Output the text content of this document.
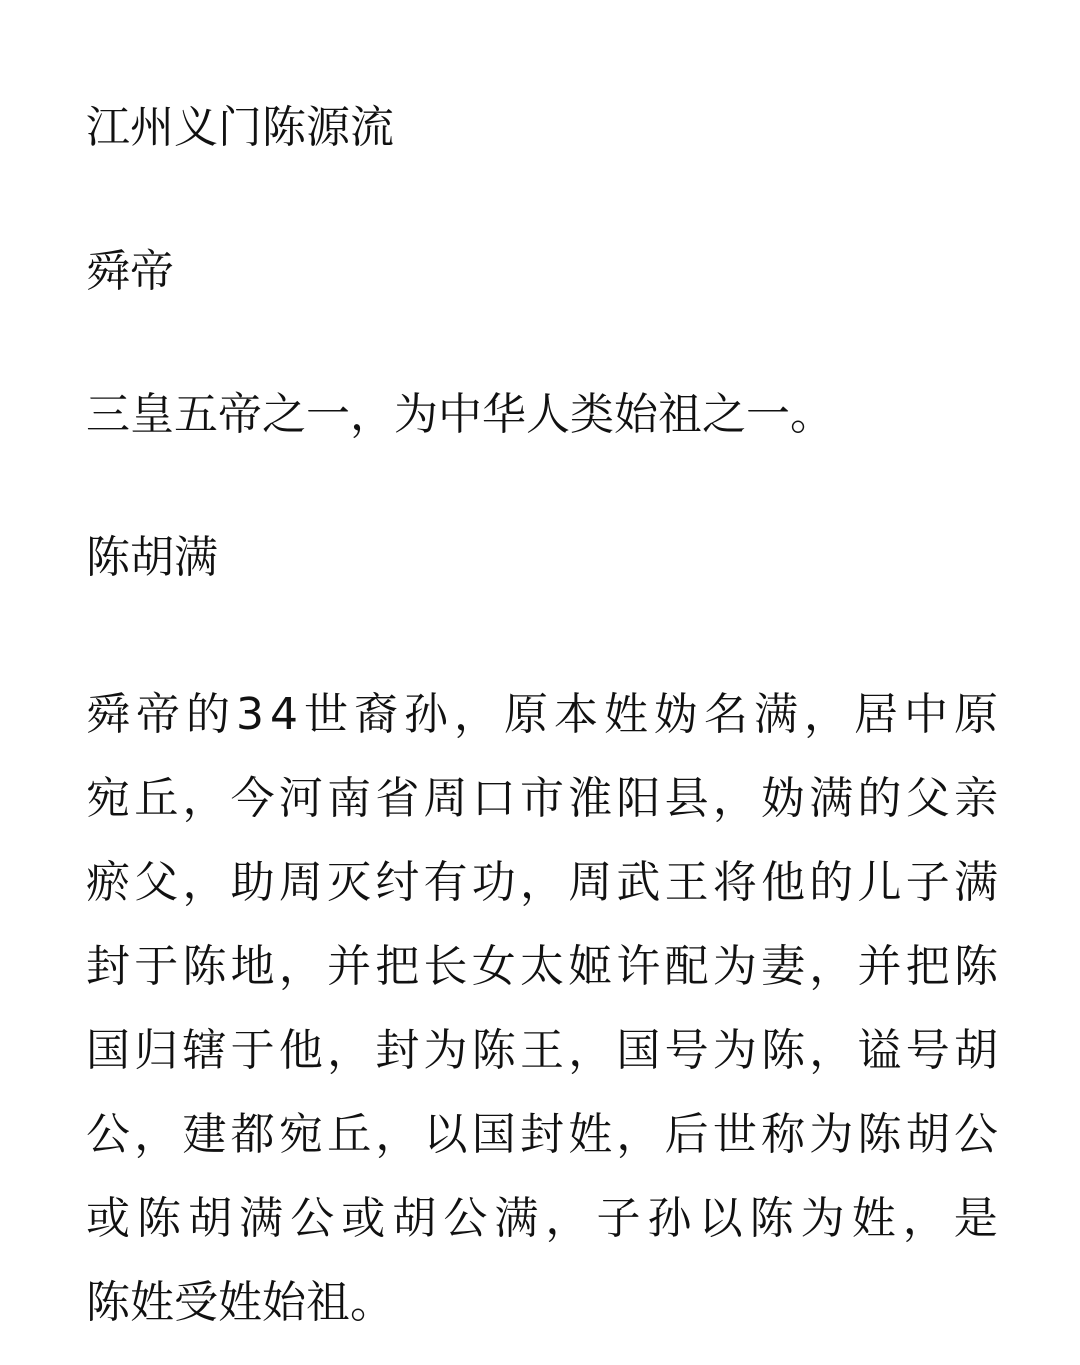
江州义门陈源流

舜帝

三皇五帝之一，为中华人类始祖之一。

陈胡满

舜 帝 的 3 4 世 裔 孙 ， 原 本 姓 妫 名 满 ， 居 中 原
宛丘，今河南省周口市淮阳县，妫满的父亲
瘀父，助周灭纣有功，周武王将他的儿子满
封于陈地，并把长女太姬许配为妻，并把陈
国归辖于他，封为陈王，国号为陈，谥号胡
公，建都宛丘，以国封姓，后世称为陈胡公
或 陈 胡 满 公 或 胡 公 满 ， 子 孙 以 陈 为 姓 ， 是
陈姓受姓始祖。
